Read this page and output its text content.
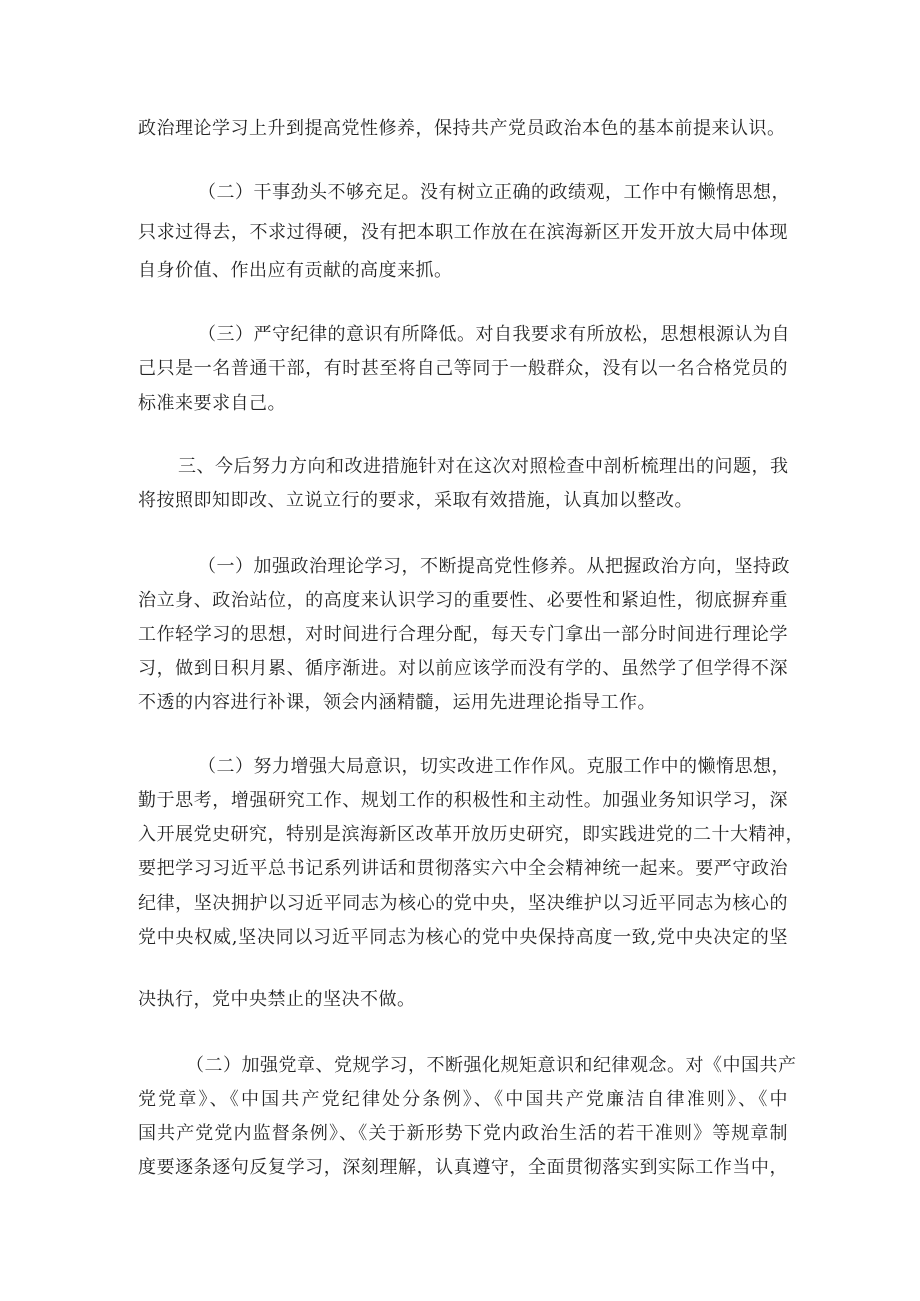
政治理论学习上升到提高党性修养，保持共产党员政治本色的基本前提来认识。
（二）干事劲头不够充足。没有树立正确的政绩观，工作中有懒惰思想，
只求过得去，不求过得硬，没有把本职工作放在在滨海新区开发开放大局中体现
自身价值、作出应有贡献的高度来抓。
（三）严守纪律的意识有所降低。对自我要求有所放松，思想根源认为自
己只是一名普通干部，有时甚至将自己等同于一般群众，没有以一名合格党员的
标准来要求自己。
三、今后努力方向和改进措施针对在这次对照检查中剖析梳理出的问题，我
将按照即知即改、立说立行的要求，采取有效措施，认真加以整改。
（一）加强政治理论学习，不断提高党性修养。从把握政治方向，坚持政
治立身、政治站位，的高度来认识学习的重要性、必要性和紧迫性，彻底摒弃重
工作轻学习的思想，对时间进行合理分配，每天专门拿出一部分时间进行理论学
习，做到日积月累、循序渐进。对以前应该学而没有学的、虽然学了但学得不深
不透的内容进行补课，领会内涵精髓，运用先进理论指导工作。
（二）努力增强大局意识，切实改进工作作风。克服工作中的懒惰思想，
勤于思考，增强研究工作、规划工作的积极性和主动性。加强业务知识学习，深
入开展党史研究，特别是滨海新区改革开放历史研究，即实践进党的二十大精神，
要把学习习近平总书记系列讲话和贯彻落实六中全会精神统一起来。要严守政治
纪律，坚决拥护以习近平同志为核心的党中央，坚决维护以习近平同志为核心的
党中央权威,坚决同以习近平同志为核心的党中央保持高度一致,党中央决定的坚
决执行，党中央禁止的坚决不做。
（二）加强党章、党规学习，不断强化规矩意识和纪律观念。对《中国共产
党党章》、《中国共产党纪律处分条例》、《中国共产党廉洁自律准则》、《中
国共产党党内监督条例》、《关于新形势下党内政治生活的若干准则》等规章制
度要逐条逐句反复学习，深刻理解，认真遵守，全面贯彻落实到实际工作当中，
